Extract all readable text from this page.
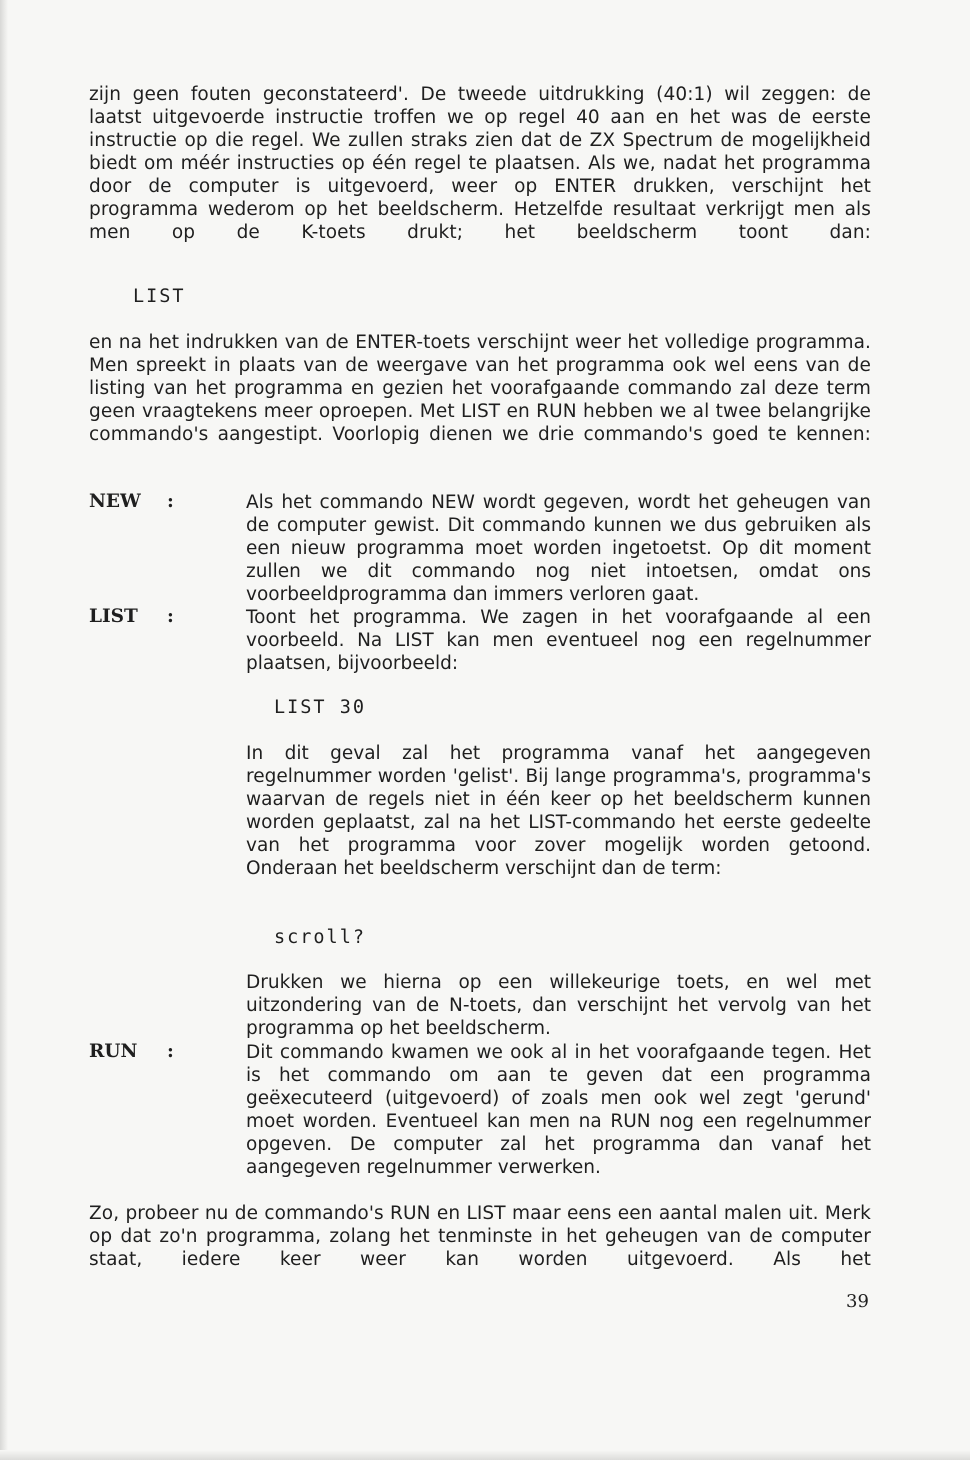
zijn geen fouten geconstateerd'. De tweede uitdrukking (40:1) wil zeggen: de laatst uitgevoerde instructie troffen we op regel 40 aan en het was de eerste instructie op die regel. We zullen straks zien dat de ZX Spectrum de mogelijkheid biedt om méér instructies op één regel te plaatsen. Als we, nadat het programma door de computer is uitgevoerd, weer op ENTER drukken, verschijnt het programma wederom op het beeldscherm. Hetzelfde resultaat verkrijgt men als men op de K-toets drukt; het beeldscherm toont dan:
LIST
en na het indrukken van de ENTER-toets verschijnt weer het volledige programma. Men spreekt in plaats van de weergave van het programma ook wel eens van de listing van het programma en gezien het voorafgaande commando zal deze term geen vraagtekens meer oproepen. Met LIST en RUN hebben we al twee belangrijke commando's aangestipt. Voorlopig dienen we drie commando's goed te kennen:
NEW :	Als het commando NEW wordt gegeven, wordt het geheugen van de computer gewist. Dit commando kunnen we dus gebruiken als een nieuw programma moet worden ingetoetst. Op dit moment zullen we dit commando nog niet intoetsen, omdat ons voorbeeldprogramma dan immers verloren gaat.
LIST :	Toont het programma. We zagen in het voorafgaande al een voorbeeld. Na LIST kan men eventueel nog een regelnummer plaatsen, bijvoorbeeld:
LIST 30
In dit geval zal het programma vanaf het aangegeven regelnummer worden 'gelist'. Bij lange programma's, programma's waarvan de regels niet in één keer op het beeldscherm kunnen worden geplaatst, zal na het LIST-commando het eerste gedeelte van het programma voor zover mogelijk worden getoond. Onderaan het beeldscherm verschijnt dan de term:
scroll?
Drukken we hierna op een willekeurige toets, en wel met uitzondering van de N-toets, dan verschijnt het vervolg van het programma op het beeldscherm.
RUN :	Dit commando kwamen we ook al in het voorafgaande tegen. Het is het commando om aan te geven dat een programma geëxecuteerd (uitgevoerd) of zoals men ook wel zegt 'gerund' moet worden. Eventueel kan men na RUN nog een regelnummer opgeven. De computer zal het programma dan vanaf het aangegeven regelnummer verwerken.
Zo, probeer nu de commando's RUN en LIST maar eens een aantal malen uit. Merk op dat zo'n programma, zolang het tenminste in het geheugen van de computer staat, iedere keer weer kan worden uitgevoerd. Als het
39
